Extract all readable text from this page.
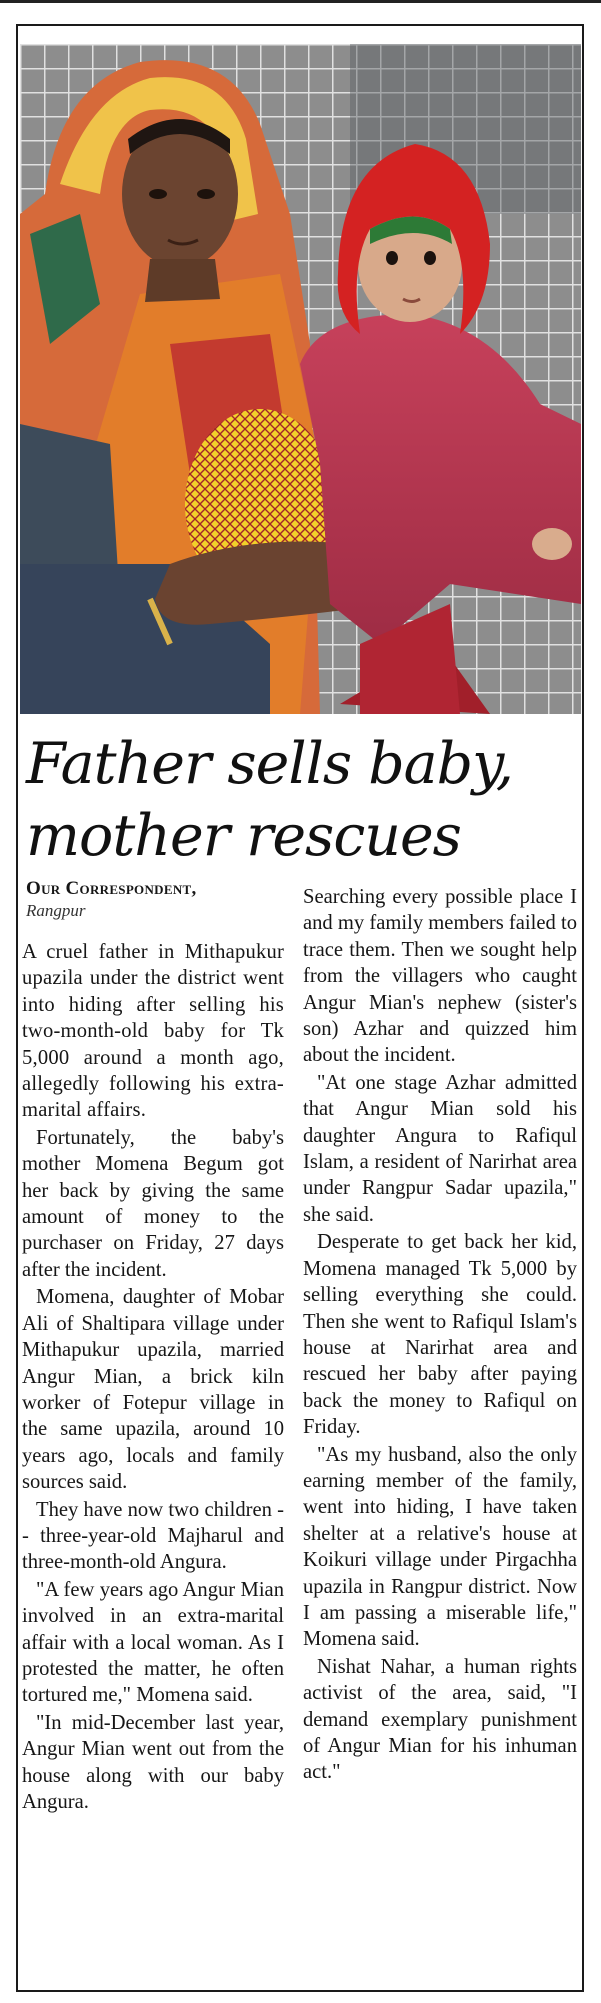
Father sells baby,
mother rescues
Our Correspondent,
Rangpur

A cruel father in Mithapukur upazila under the district went into hiding after selling his two-month-old baby for Tk 5,000 around a month ago, allegedly following his extra-marital affairs.

Fortunately, the baby's mother Momena Begum got her back by giving the same amount of money to the purchaser on Friday, 27 days after the incident.

Momena, daughter of Mobar Ali of Shaltipara village under Mithapukur upazila, married Angur Mian, a brick kiln worker of Fotepur village in the same upazila, around 10 years ago, locals and family sources said.

They have now two children -- three-year-old Majharul and three-month-old Angura.

"A few years ago Angur Mian involved in an extra-marital affair with a local woman. As I protested the matter, he often tortured me," Momena said.

"In mid-December last year, Angur Mian went out from the house along with our baby Angura.

Searching every possible place I and my family members failed to trace them. Then we sought help from the villagers who caught Angur Mian's nephew (sister's son) Azhar and quizzed him about the incident.

"At one stage Azhar admitted that Angur Mian sold his daughter Angura to Rafiqul Islam, a resident of Narirhat area under Rangpur Sadar upazila," she said.

Desperate to get back her kid, Momena managed Tk 5,000 by selling everything she could. Then she went to Rafiqul Islam's house at Narirhat area and rescued her baby after paying back the money to Rafiqul on Friday.

"As my husband, also the only earning member of the family, went into hiding, I have taken shelter at a relative's house at Koikuri village under Pirgachha upazila in Rangpur district. Now I am passing a miserable life," Momena said.

Nishat Nahar, a human rights activist of the area, said, "I demand exemplary punishment of Angur Mian for his inhuman act."
